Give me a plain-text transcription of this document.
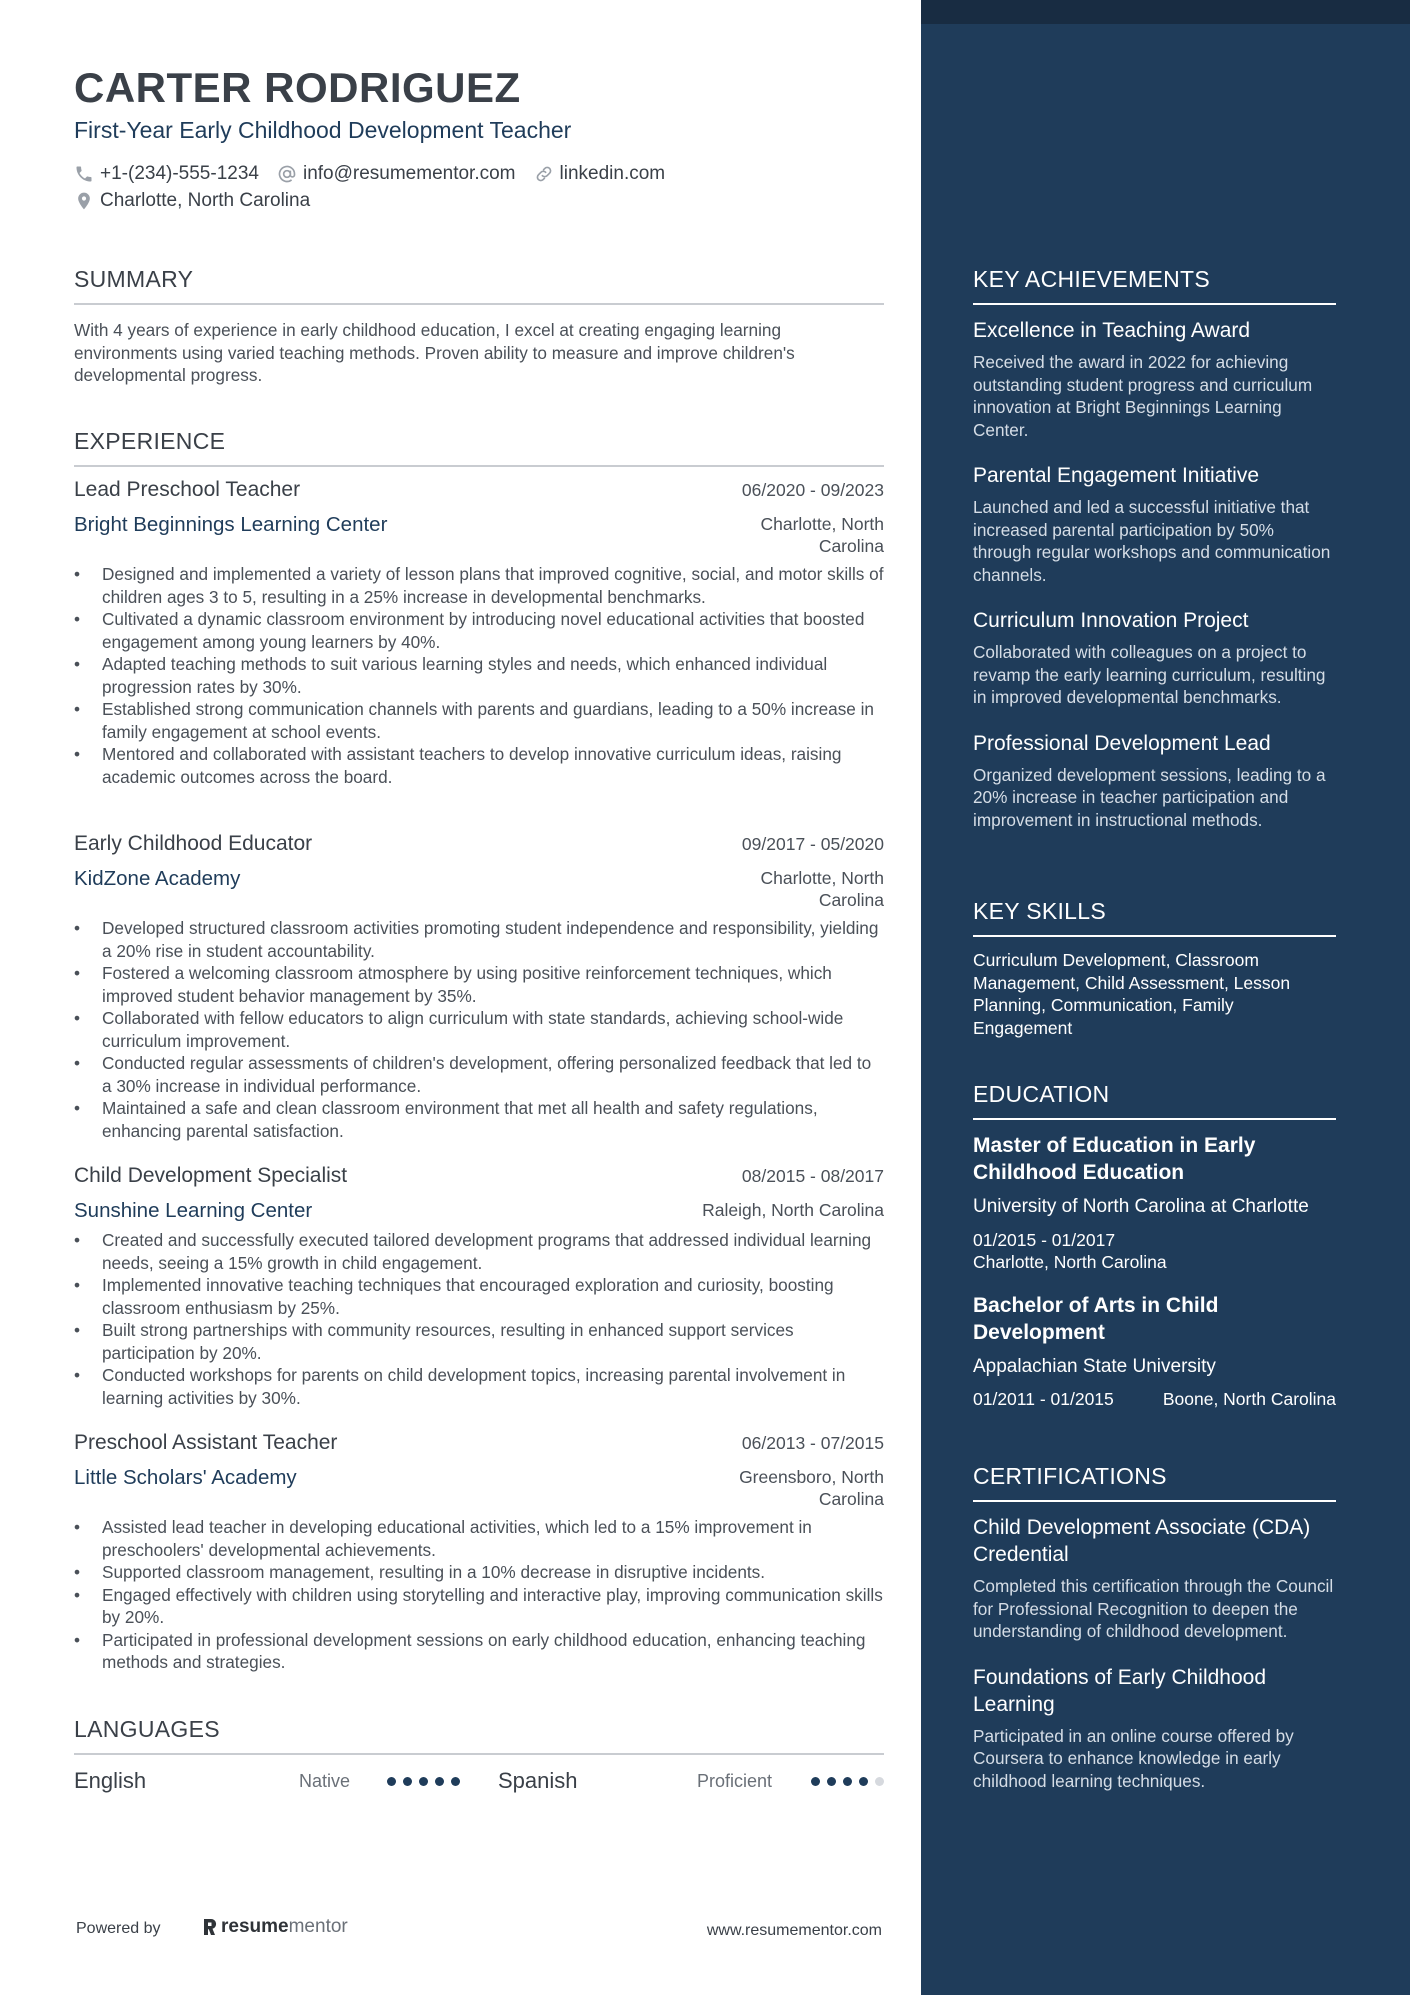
CARTER RODRIGUEZ
First-Year Early Childhood Development Teacher
+1-(234)-555-1234 info@resumementor.com linkedin.com
Charlotte, North Carolina
SUMMARY
With 4 years of experience in early childhood education, I excel at creating engaging learning environments using varied teaching methods. Proven ability to measure and improve children's developmental progress.
EXPERIENCE
Lead Preschool Teacher	06/2020 - 09/2023
Bright Beginnings Learning Center	Charlotte, North Carolina
• Designed and implemented a variety of lesson plans that improved cognitive, social, and motor skills of children ages 3 to 5, resulting in a 25% increase in developmental benchmarks.
• Cultivated a dynamic classroom environment by introducing novel educational activities that boosted engagement among young learners by 40%.
• Adapted teaching methods to suit various learning styles and needs, which enhanced individual progression rates by 30%.
• Established strong communication channels with parents and guardians, leading to a 50% increase in family engagement at school events.
• Mentored and collaborated with assistant teachers to develop innovative curriculum ideas, raising academic outcomes across the board.
Early Childhood Educator	09/2017 - 05/2020
KidZone Academy	Charlotte, North Carolina
• Developed structured classroom activities promoting student independence and responsibility, yielding a 20% rise in student accountability.
• Fostered a welcoming classroom atmosphere by using positive reinforcement techniques, which improved student behavior management by 35%.
• Collaborated with fellow educators to align curriculum with state standards, achieving school-wide curriculum improvement.
• Conducted regular assessments of children's development, offering personalized feedback that led to a 30% increase in individual performance.
• Maintained a safe and clean classroom environment that met all health and safety regulations, enhancing parental satisfaction.
Child Development Specialist	08/2015 - 08/2017
Sunshine Learning Center	Raleigh, North Carolina
• Created and successfully executed tailored development programs that addressed individual learning needs, seeing a 15% growth in child engagement.
• Implemented innovative teaching techniques that encouraged exploration and curiosity, boosting classroom enthusiasm by 25%.
• Built strong partnerships with community resources, resulting in enhanced support services participation by 20%.
• Conducted workshops for parents on child development topics, increasing parental involvement in learning activities by 30%.
Preschool Assistant Teacher	06/2013 - 07/2015
Little Scholars' Academy	Greensboro, North Carolina
• Assisted lead teacher in developing educational activities, which led to a 15% improvement in preschoolers' developmental achievements.
• Supported classroom management, resulting in a 10% decrease in disruptive incidents.
• Engaged effectively with children using storytelling and interactive play, improving communication skills by 20%.
• Participated in professional development sessions on early childhood education, enhancing teaching methods and strategies.
LANGUAGES
English	Native	Spanish	Proficient
Powered by	resume mentor	www.resumementor.com
KEY ACHIEVEMENTS
Excellence in Teaching Award
Received the award in 2022 for achieving outstanding student progress and curriculum innovation at Bright Beginnings Learning Center.
Parental Engagement Initiative
Launched and led a successful initiative that increased parental participation by 50% through regular workshops and communication channels.
Curriculum Innovation Project
Collaborated with colleagues on a project to revamp the early learning curriculum, resulting in improved developmental benchmarks.
Professional Development Lead
Organized development sessions, leading to a 20% increase in teacher participation and improvement in instructional methods.
KEY SKILLS
Curriculum Development, Classroom Management, Child Assessment, Lesson Planning, Communication, Family Engagement
EDUCATION
Master of Education in Early Childhood Education
University of North Carolina at Charlotte
01/2015 - 01/2017
Charlotte, North Carolina
Bachelor of Arts in Child Development
Appalachian State University
01/2011 - 01/2015	Boone, North Carolina
CERTIFICATIONS
Child Development Associate (CDA) Credential
Completed this certification through the Council for Professional Recognition to deepen the understanding of childhood development.
Foundations of Early Childhood Learning
Participated in an online course offered by Coursera to enhance knowledge in early childhood learning techniques.
